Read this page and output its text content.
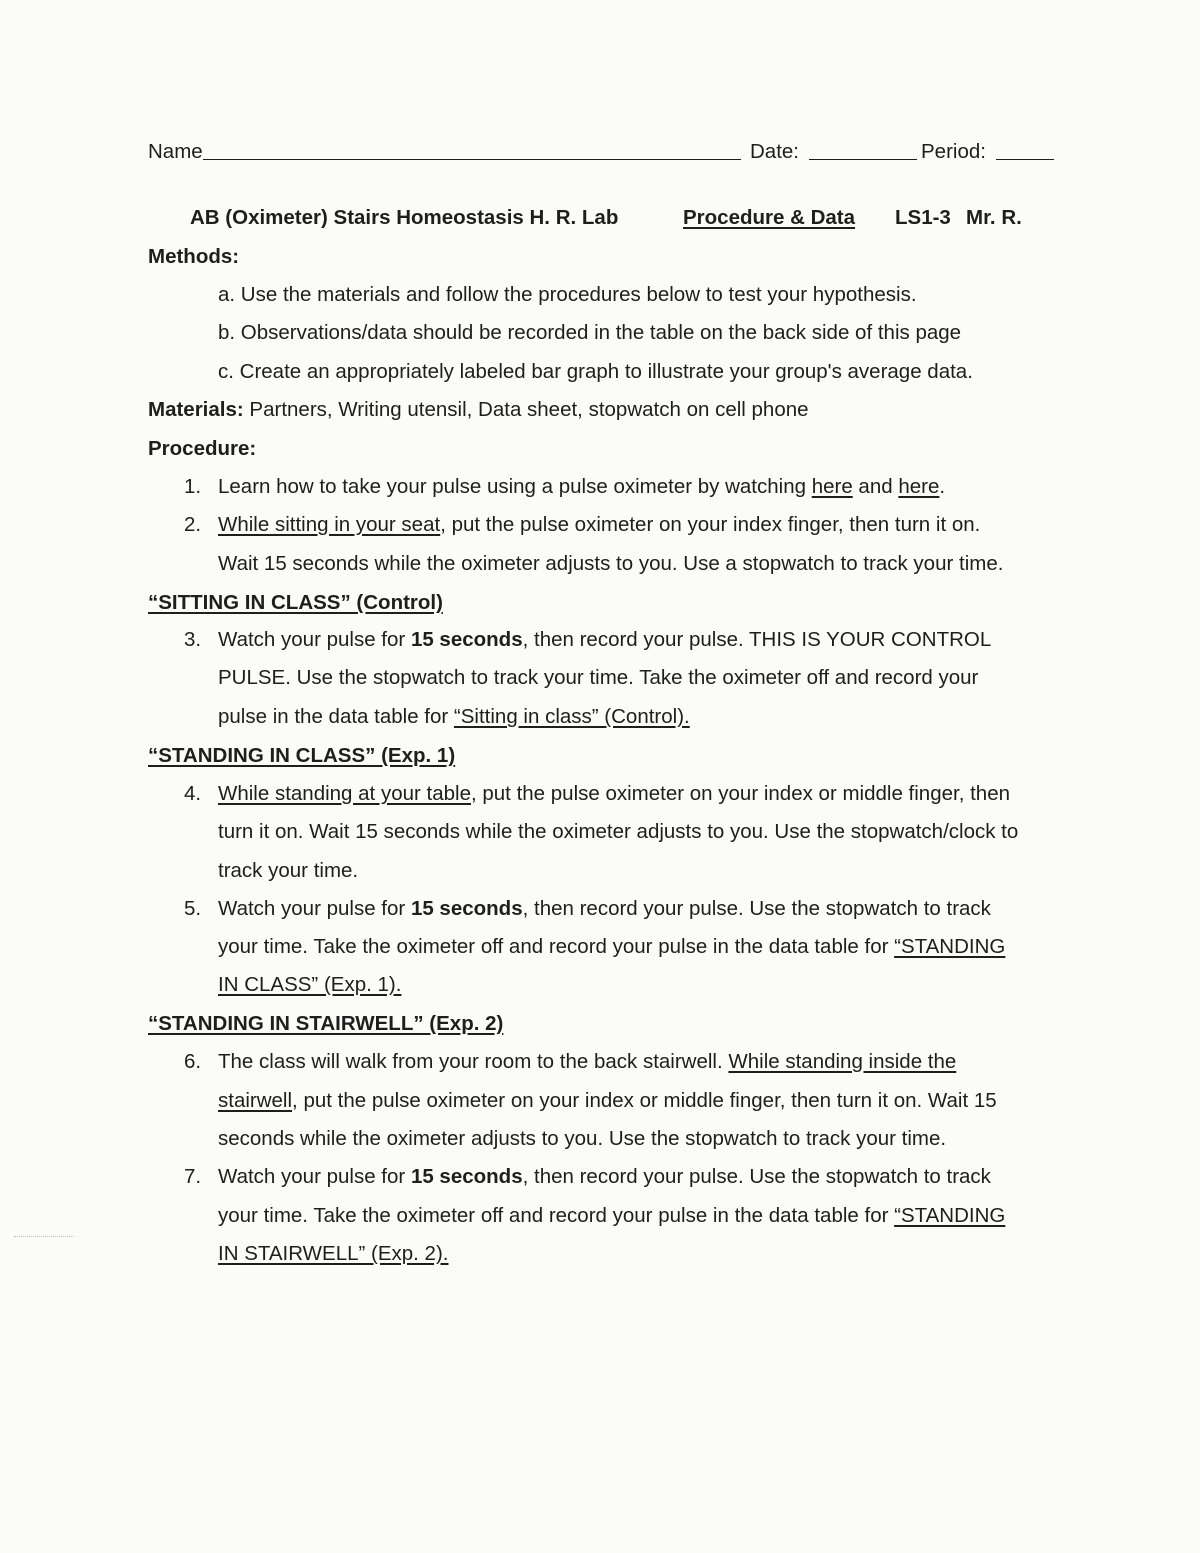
Name	Date:	Period:
AB (Oximeter) Stairs Homeostasis H. R. Lab	Procedure & Data LS1-3 Mr. R.
Methods:
a. Use the materials and follow the procedures below to test your hypothesis.
b. Observations/data should be recorded in the table on the back side of this page
c. Create an appropriately labeled bar graph to illustrate your group's average data.
Materials: Partners, Writing utensil, Data sheet, stopwatch on cell phone
Procedure:
1. Learn how to take your pulse using a pulse oximeter by watching here and here.
2. While sitting in your seat, put the pulse oximeter on your index finger, then turn it on.
Wait 15 seconds while the oximeter adjusts to you. Use a stopwatch to track your time.
“SITTING IN CLASS” (Control)
3. Watch your pulse for 15 seconds, then record your pulse. THIS IS YOUR CONTROL
PULSE. Use the stopwatch to track your time. Take the oximeter off and record your
pulse in the data table for “Sitting in class” (Control).
“STANDING IN CLASS” (Exp. 1)
4. While standing at your table, put the pulse oximeter on your index or middle finger, then
turn it on. Wait 15 seconds while the oximeter adjusts to you. Use the stopwatch/clock to
track your time.
5. Watch your pulse for 15 seconds, then record your pulse. Use the stopwatch to track
your time. Take the oximeter off and record your pulse in the data table for “STANDING
IN CLASS” (Exp. 1).
“STANDING IN STAIRWELL” (Exp. 2)
6. The class will walk from your room to the back stairwell. While standing inside the
stairwell, put the pulse oximeter on your index or middle finger, then turn it on. Wait 15
seconds while the oximeter adjusts to you. Use the stopwatch to track your time.
7. Watch your pulse for 15 seconds, then record your pulse. Use the stopwatch to track
your time. Take the oximeter off and record your pulse in the data table for “STANDING
IN STAIRWELL” (Exp. 2).
